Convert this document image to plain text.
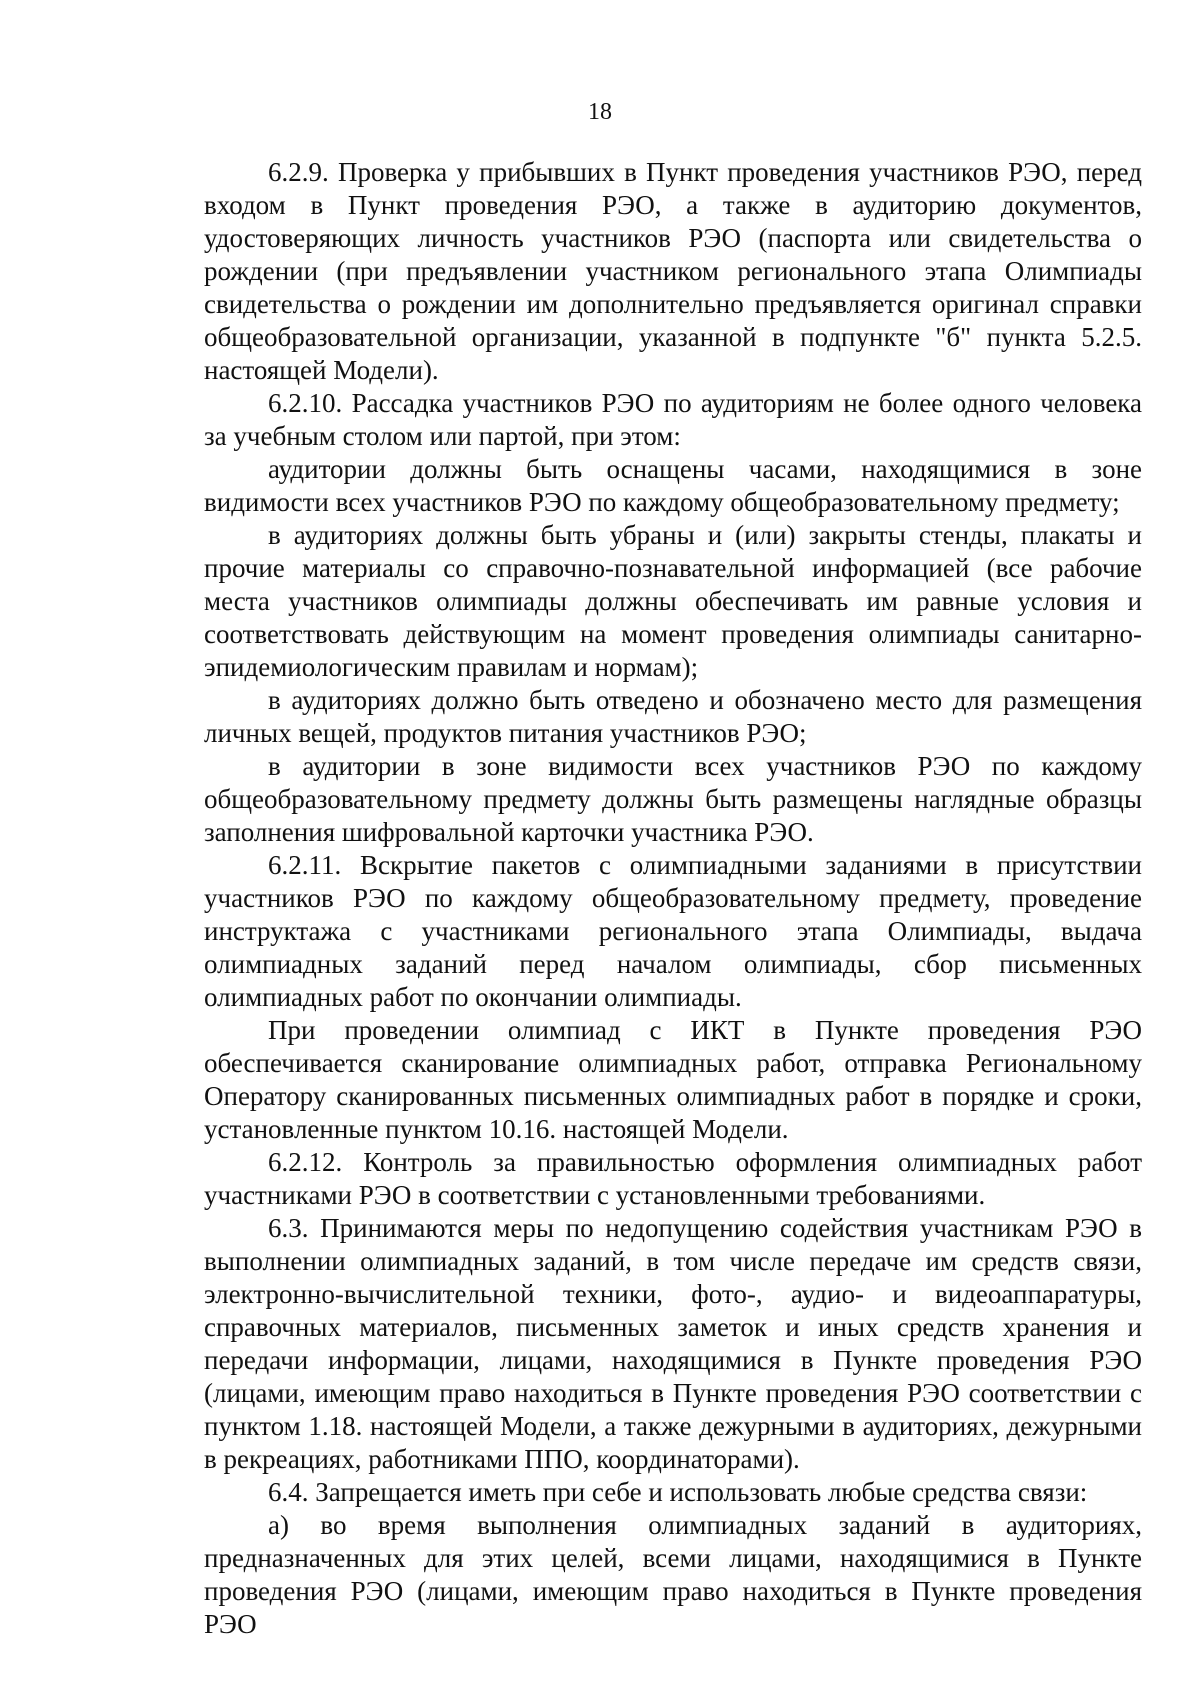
18

6.2.9. Проверка у прибывших в Пункт проведения участников РЭО, перед входом в Пункт проведения РЭО, а также в аудиторию документов, удостоверяющих личность участников РЭО (паспорта или свидетельства о рождении (при предъявлении участником регионального этапа Олимпиады свидетельства о рождении им дополнительно предъявляется оригинал справки общеобразовательной организации, указанной в подпункте "б" пункта 5.2.5. настоящей Модели).

6.2.10. Рассадка участников РЭО по аудиториям не более одного человека за учебным столом или партой, при этом:

аудитории должны быть оснащены часами, находящимися в зоне видимости всех участников РЭО по каждому общеобразовательному предмету;

в аудиториях должны быть убраны и (или) закрыты стенды, плакаты и прочие материалы со справочно-познавательной информацией (все рабочие места участников олимпиады должны обеспечивать им равные условия и соответствовать действующим на момент проведения олимпиады санитарно-эпидемиологическим правилам и нормам);

в аудиториях должно быть отведено и обозначено место для размещения личных вещей, продуктов питания участников РЭО;

в аудитории в зоне видимости всех участников РЭО по каждому общеобразовательному предмету должны быть размещены наглядные образцы заполнения шифровальной карточки участника РЭО.

6.2.11. Вскрытие пакетов с олимпиадными заданиями в присутствии участников РЭО по каждому общеобразовательному предмету, проведение инструктажа с участниками регионального этапа Олимпиады, выдача олимпиадных заданий перед началом олимпиады, сбор письменных олимпиадных работ по окончании олимпиады.

При проведении олимпиад с ИКТ в Пункте проведения РЭО обеспечивается сканирование олимпиадных работ, отправка Региональному Оператору сканированных письменных олимпиадных работ в порядке и сроки, установленные пунктом 10.16. настоящей Модели.

6.2.12. Контроль за правильностью оформления олимпиадных работ участниками РЭО в соответствии с установленными требованиями.

6.3. Принимаются меры по недопущению содействия участникам РЭО в выполнении олимпиадных заданий, в том числе передаче им средств связи, электронно-вычислительной техники, фото-, аудио- и видеоаппаратуры, справочных материалов, письменных заметок и иных средств хранения и передачи информации, лицами, находящимися в Пункте проведения РЭО (лицами, имеющим право находиться в Пункте проведения РЭО соответствии с пунктом 1.18. настоящей Модели, а также дежурными в аудиториях, дежурными в рекреациях, работниками ППО, координаторами).

6.4. Запрещается иметь при себе и использовать любые средства связи:

а) во время выполнения олимпиадных заданий в аудиториях, предназначенных для этих целей, всеми лицами, находящимися в Пункте проведения РЭО (лицами, имеющим право находиться в Пункте проведения РЭО
